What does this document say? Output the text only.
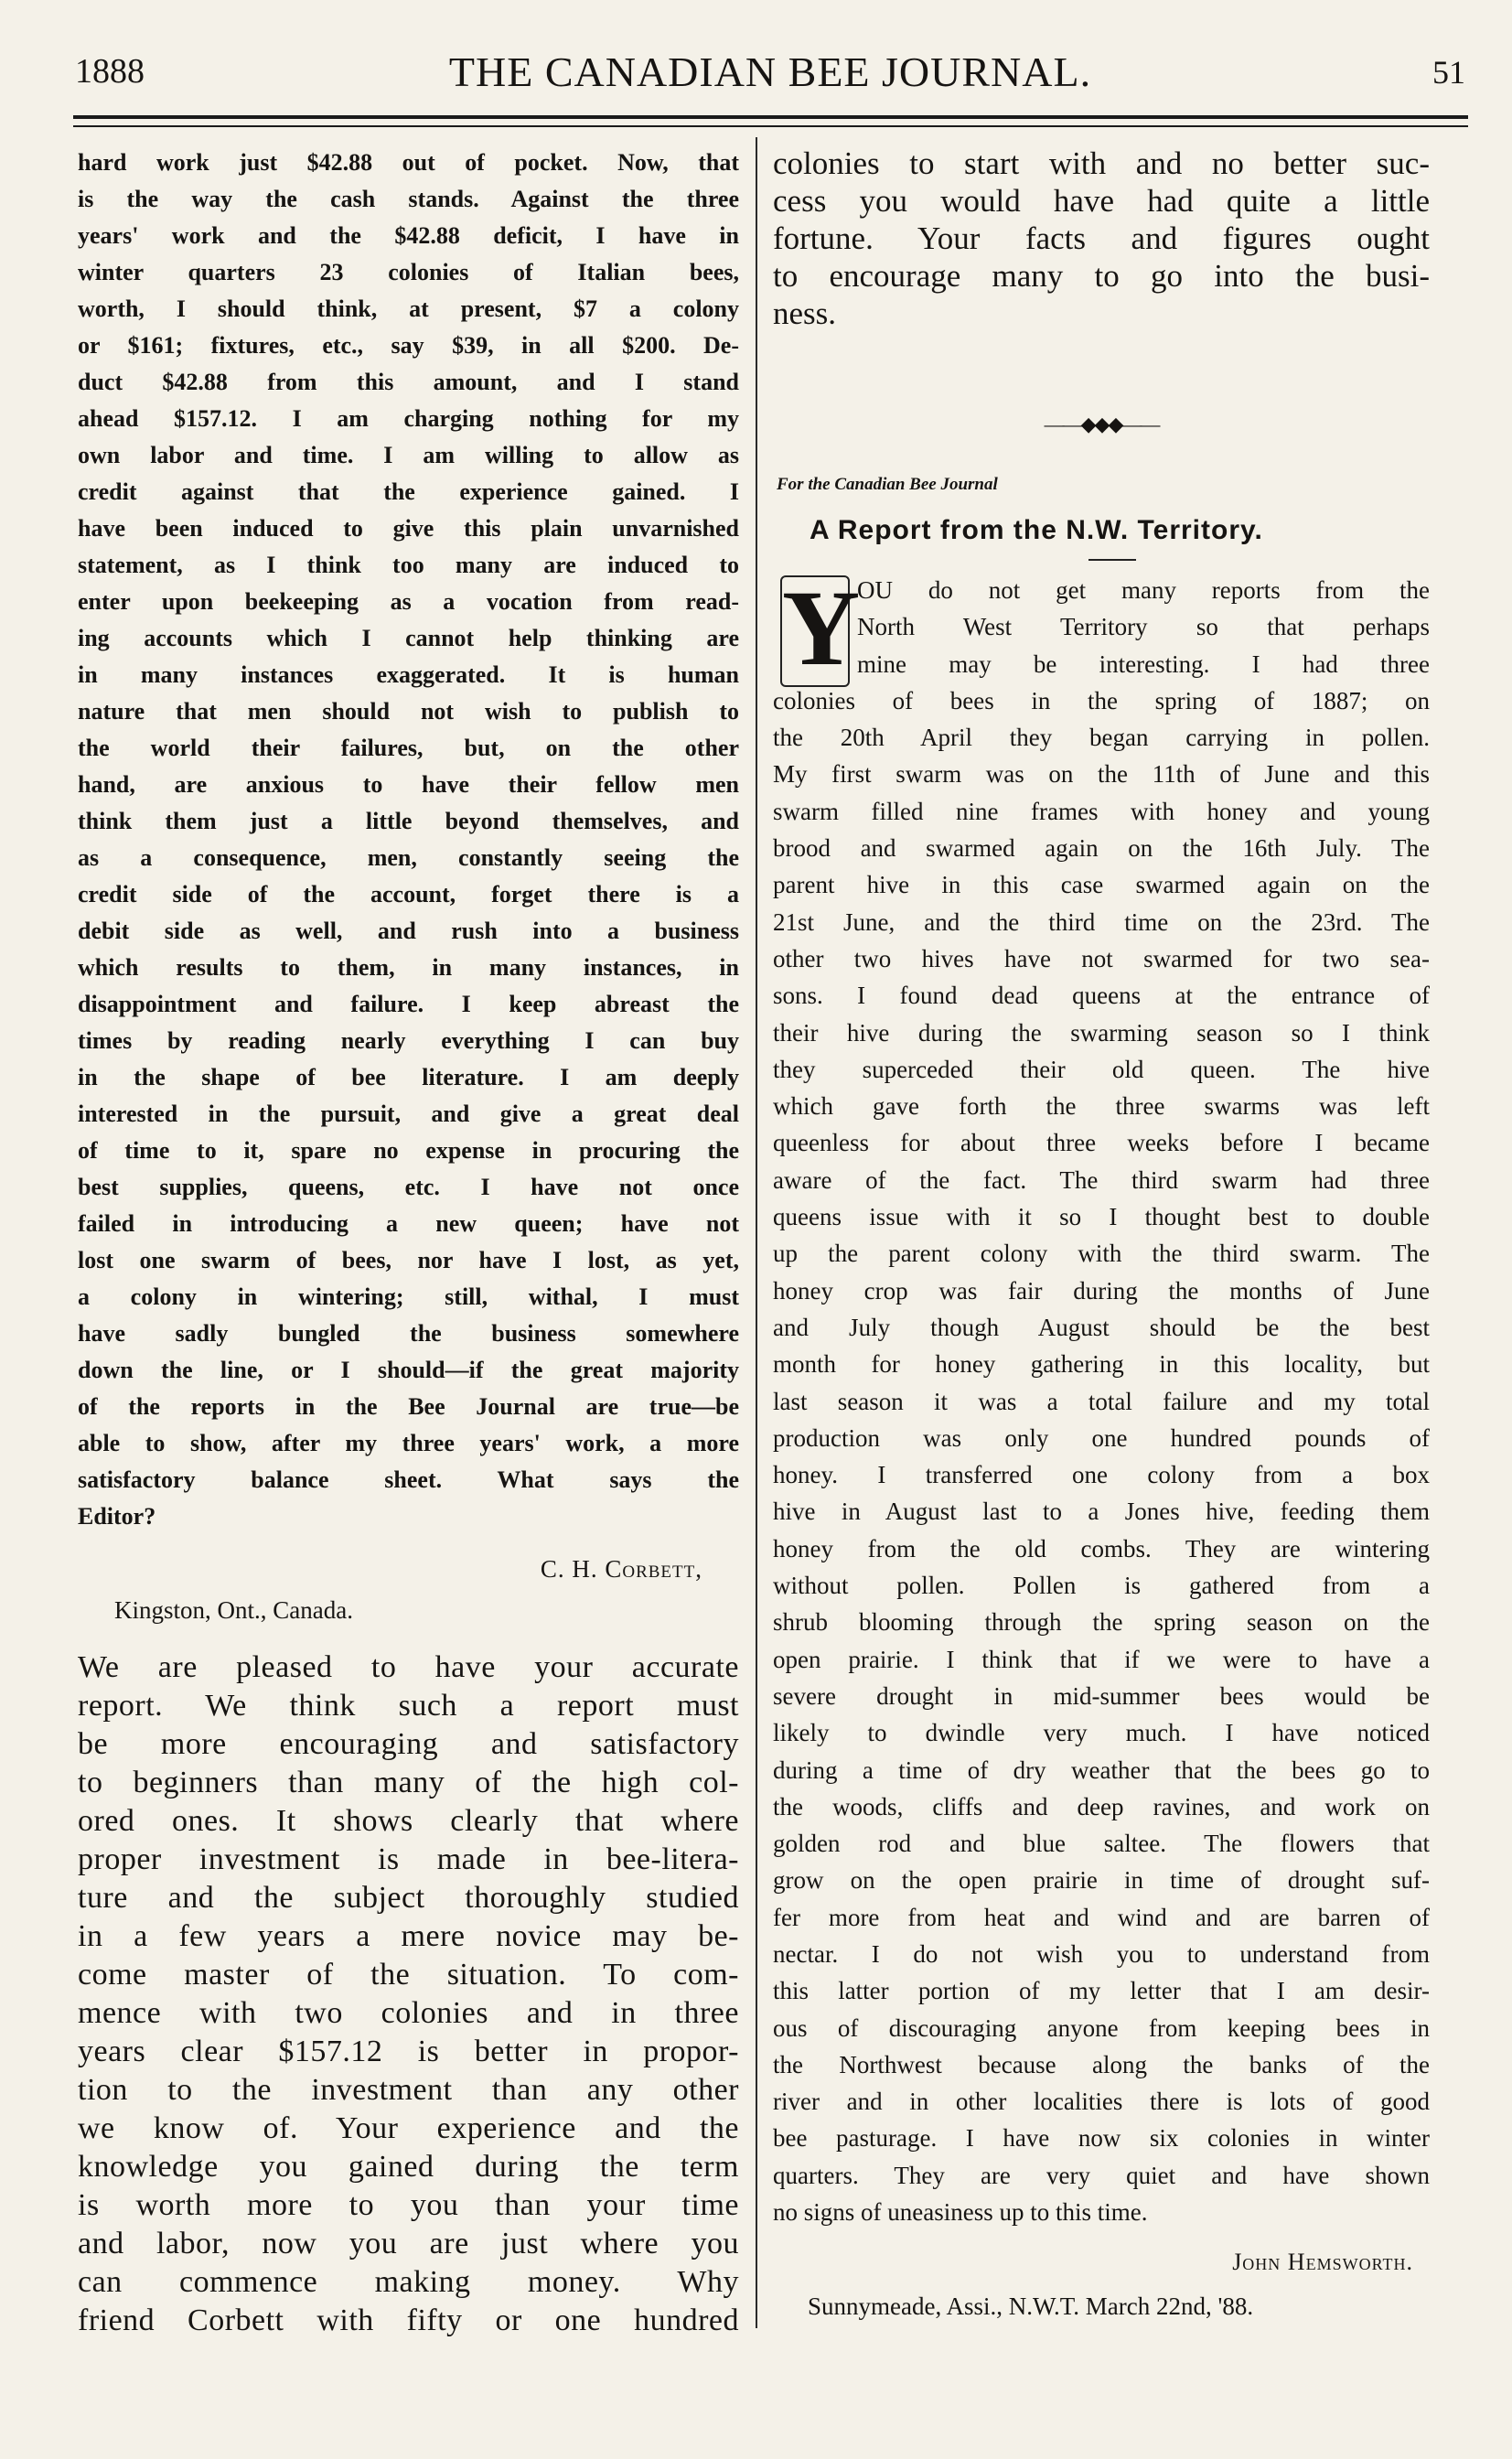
1888	THE CANADIAN BEE JOURNAL.	51
hard work just $42.88 out of pocket. Now, that
is the way the cash stands. Against the three
years' work and the $42.88 deficit, I have in
winter quarters 23 colonies of Italian bees,
worth, I should think, at present, $7 a colony
or $161; fixtures, etc., say $39, in all $200. De-
duct $42.88 from this amount, and I stand
ahead $157.12. I am charging nothing for my
own labor and time. I am willing to allow as
credit against that the experience gained. I
have been induced to give this plain unvarnished
statement, as I think too many are induced to
enter upon beekeeping as a vocation from read-
ing accounts which I cannot help thinking are
in many instances exaggerated. It is human
nature that men should not wish to publish to
the world their failures, but, on the other
hand, are anxious to have their fellow men
think them just a little beyond themselves, and
as a consequence, men, constantly seeing the
credit side of the account, forget there is a
debit side as well, and rush into a business
which results to them, in many instances, in
disappointment and failure. I keep abreast the
times by reading nearly everything I can buy
in the shape of bee literature. I am deeply
interested in the pursuit, and give a great deal
of time to it, spare no expense in procuring the
best supplies, queens, etc. I have not once
failed in introducing a new queen; have not
lost one swarm of bees, nor have I lost, as yet,
a colony in wintering; still, withal, I must
have sadly bungled the business somewhere
down the line, or I should—if the great majority
of the reports in the Bee Journal are true—be
able to show, after my three years' work, a more
satisfactory balance sheet. What says the
Editor?
C. H. Corbett,
Kingston, Ont., Canada.
We are pleased to have your accurate
report. We think such a report must
be more encouraging and satisfactory
to beginners than many of the high col-
ored ones. It shows clearly that where
proper investment is made in bee-litera-
ture and the subject thoroughly studied
in a few years a mere novice may be-
come master of the situation. To com-
mence with two colonies and in three
years clear $157.12 is better in propor-
tion to the investment than any other
we know of. Your experience and the
knowledge you gained during the term
is worth more to you than your time
and labor, now you are just where you
can commence making money. Why
friend Corbett with fifty or one hundred
colonies to start with and no better suc-
cess you would have had quite a little
fortune. Your facts and figures ought
to encourage many to go into the busi-
ness.
——◆◆◆——
For the Canadian Bee Journal
A Report from the N.W. Territory.
Y
OU do not get many reports from the
North West Territory so that perhaps
mine may be interesting. I had three
colonies of bees in the spring of 1887; on
the 20th April they began carrying in pollen.
My first swarm was on the 11th of June and this
swarm filled nine frames with honey and young
brood and swarmed again on the 16th July. The
parent hive in this case swarmed again on the
21st June, and the third time on the 23rd. The
other two hives have not swarmed for two sea-
sons. I found dead queens at the entrance of
their hive during the swarming season so I think
they superceded their old queen. The hive
which gave forth the three swarms was left
queenless for about three weeks before I became
aware of the fact. The third swarm had three
queens issue with it so I thought best to double
up the parent colony with the third swarm. The
honey crop was fair during the months of June
and July though August should be the best
month for honey gathering in this locality, but
last season it was a total failure and my total
production was only one hundred pounds of
honey. I transferred one colony from a box
hive in August last to a Jones hive, feeding them
honey from the old combs. They are wintering
without pollen. Pollen is gathered from a
shrub blooming through the spring season on the
open prairie. I think that if we were to have a
severe drought in mid-summer bees would be
likely to dwindle very much. I have noticed
during a time of dry weather that the bees go to
the woods, cliffs and deep ravines, and work on
golden rod and blue saltee. The flowers that
grow on the open prairie in time of drought suf-
fer more from heat and wind and are barren of
nectar. I do not wish you to understand from
this latter portion of my letter that I am desir-
ous of discouraging anyone from keeping bees in
the Northwest because along the banks of the
river and in other localities there is lots of good
bee pasturage. I have now six colonies in winter
quarters. They are very quiet and have shown
no signs of uneasiness up to this time.
John Hemsworth.
Sunnymeade, Assi., N.W.T. March 22nd, '88.
